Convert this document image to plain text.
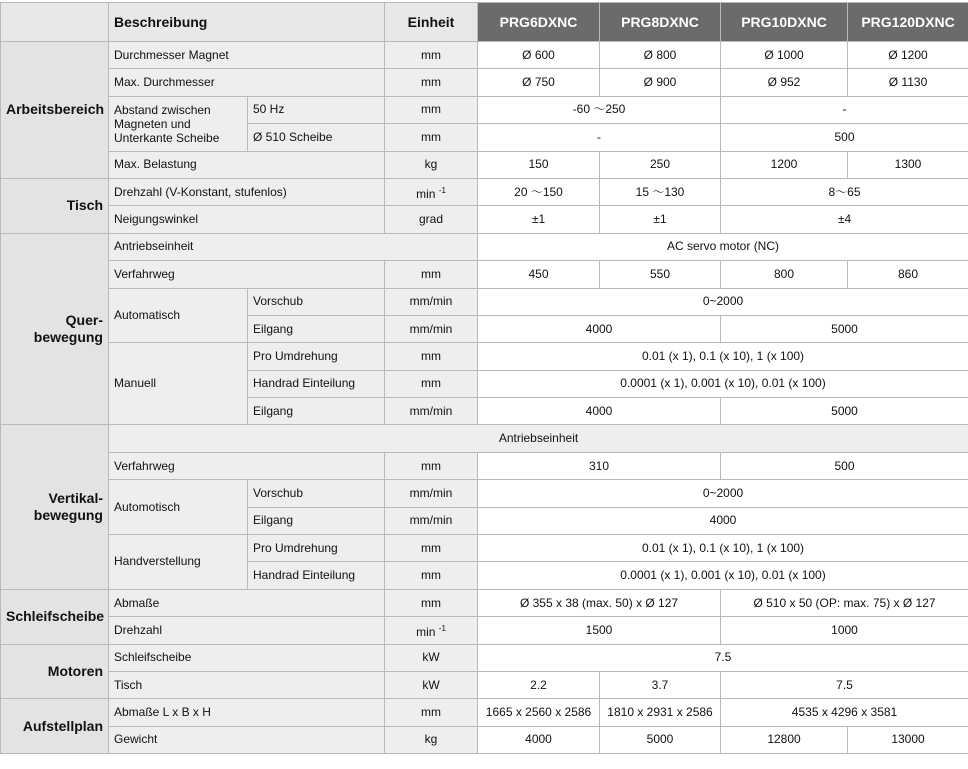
	Beschreibung		Einheit	PRG6DXNC	PRG8DXNC	PRG10DXNC	PRG120DXNC
Arbeitsbereich	Durchmesser Magnet		mm	Ø 600	Ø 800	Ø 1000	Ø 1200
	Max. Durchmesser		mm	Ø 750	Ø 900	Ø 952	Ø 1130
	Abstand zwischen Magneten und Unterkante Scheibe	50 Hz	mm	-60 ～250		-	
		Ø 510 Scheibe	mm	-		500	
	Max. Belastung		kg	150	250	1200	1300
Tisch	Drehzahl (V-Konstant, stufenlos)		min $^{-1}$	20 ～150	15 ～130	8～65	
	Neigungswinkel		grad	±1	±1	±4	
Quer-
bewegung	Antriebseinheit			AC servo motor (NC)			
	Verfahrweg		mm	450	550	800	860
	Automatisch	Vorschub	mm/min	0~2000			
		Eilgang	mm/min	4000		5000	
	Manuell	Pro Umdrehung	mm	0.01 (x 1), 0.1 (x 10), 1 (x 100)			
		Handrad Einteilung	mm	0.0001 (x 1), 0.001 (x 10), 0.01 (x 100)			
		Eilgang	mm/min	4000		5000	
Vertikal-
bewegung	Antriebseinheit						
	Verfahrweg		mm	310		500	
	Automotisch	Vorschub	mm/min	0~2000			
		Eilgang	mm/min	4000			
	Handverstellung	Pro Umdrehung	mm	0.01 (x 1), 0.1 (x 10), 1 (x 100)			
		Handrad Einteilung	mm	0.0001 (x 1), 0.001 (x 10), 0.01 (x 100)			
Schleifscheibe	Abmaße		mm	Ø 355 x 38 (max. 50) x Ø 127		Ø 510 x 50 (OP: max. 75) x Ø 127	
	Drehzahl		min $^{-1}$	1500		1000	
Motoren	Schleifscheibe		kW	7.5			
	Tisch		kW	2.2	3.7	7.5	
Aufstellplan	Abmaße L x B x H		mm	1665 x 2560 x 2586	1810 x 2931 x 2586	4535 x 4296 x 3581	
	Gewicht		kg	4000	5000	12800	13000
